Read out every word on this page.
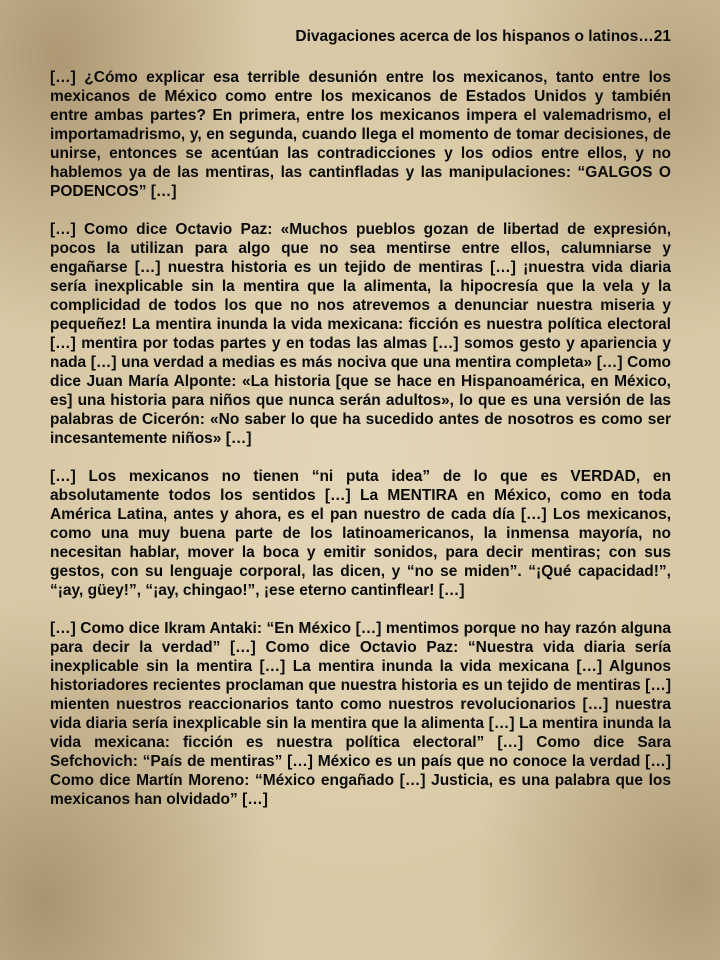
Divagaciones acerca de los hispanos o latinos…21

[…] ¿Cómo explicar esa terrible desunión entre los mexicanos, tanto entre los mexicanos de México como entre los mexicanos de Estados Unidos y también entre ambas partes? En primera, entre los mexicanos impera el valemadrismo, el importamadrismo, y, en segunda, cuando llega el momento de tomar decisiones, de unirse, entonces se acentúan las contradicciones y los odios entre ellos, y no hablemos ya de las mentiras, las cantinfladas y las manipulaciones: “GALGOS O PODENCOS” […]

[…] Como dice Octavio Paz: «Muchos pueblos gozan de libertad de expresión, pocos la utilizan para algo que no sea mentirse entre ellos, calumniarse y engañarse […] nuestra historia es un tejido de mentiras […] ¡nuestra vida diaria sería inexplicable sin la mentira que la alimenta, la hipocresía que la vela y la complicidad de todos los que no nos atrevemos a denunciar nuestra miseria y pequeñez! La mentira inunda la vida mexicana: ficción es nuestra política electoral […] mentira por todas partes y en todas las almas […] somos gesto y apariencia y nada […] una verdad a medias es más nociva que una mentira completa» […] Como dice Juan María Alponte: «La historia [que se hace en Hispanoamérica, en México, es] una historia para niños que nunca serán adultos», lo que es una versión de las palabras de Cicerón: «No saber lo que ha sucedido antes de nosotros es como ser incesantemente niños» […]

[…] Los mexicanos no tienen “ni puta idea” de lo que es VERDAD, en absolutamente todos los sentidos […] La MENTIRA en México, como en toda América Latina, antes y ahora, es el pan nuestro de cada día […] Los mexicanos, como una muy buena parte de los latinoamericanos, la inmensa mayoría, no necesitan hablar, mover la boca y emitir sonidos, para decir mentiras; con sus gestos, con su lenguaje corporal, las dicen, y “no se miden”. “¡Qué capacidad!”, “¡ay, güey!”, “¡ay, chingao!”, ¡ese eterno cantinflear! […]

[…] Como dice Ikram Antaki: “En México […] mentimos porque no hay razón alguna para decir la verdad” […] Como dice Octavio Paz: “Nuestra vida diaria sería inexplicable sin la mentira […] La mentira inunda la vida mexicana […] Algunos historiadores recientes proclaman que nuestra historia es un tejido de mentiras […] mienten nuestros reaccionarios tanto como nuestros revolucionarios […] nuestra vida diaria sería inexplicable sin la mentira que la alimenta […] La mentira inunda la vida mexicana: ficción es nuestra política electoral” […] Como dice Sara Sefchovich: “País de mentiras” […] México es un país que no conoce la verdad […] Como dice Martín Moreno: “México engañado […] Justicia, es una palabra que los mexicanos han olvidado” […]
